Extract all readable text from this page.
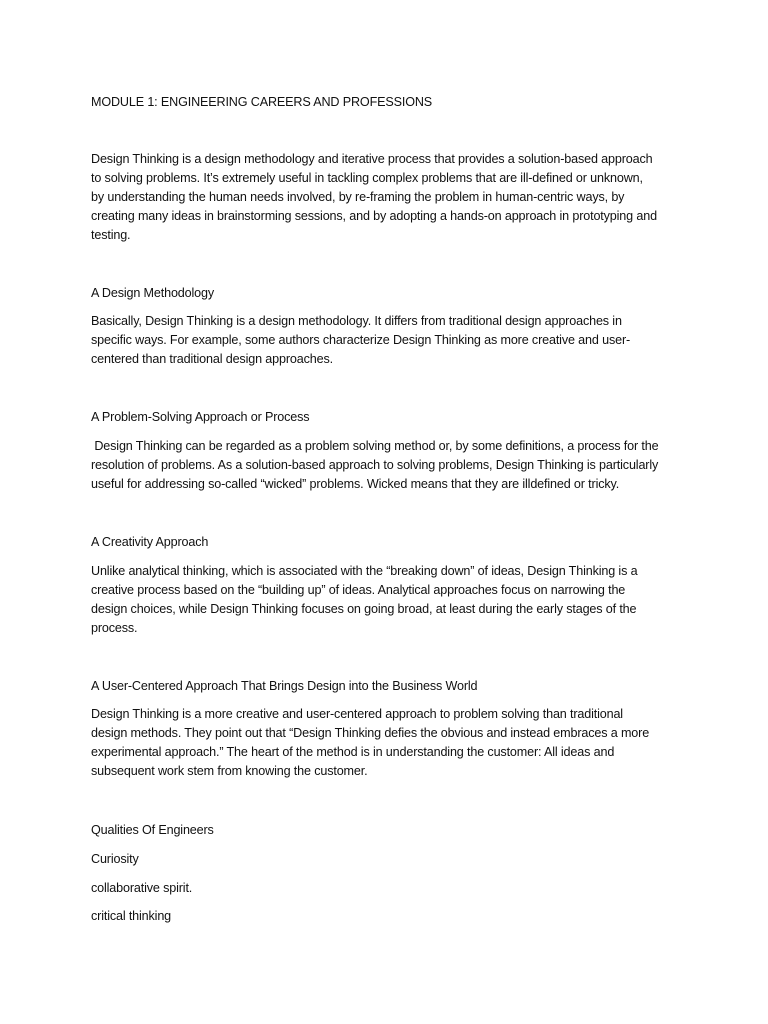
MODULE 1: ENGINEERING CAREERS AND PROFESSIONS
Design Thinking is a design methodology and iterative process that provides a solution-based approach
to solving problems. It’s extremely useful in tackling complex problems that are ill-defined or unknown,
by understanding the human needs involved, by re-framing the problem in human-centric ways, by
creating many ideas in brainstorming sessions, and by adopting a hands-on approach in prototyping and
testing.
A Design Methodology
Basically, Design Thinking is a design methodology. It differs from traditional design approaches in
specific ways. For example, some authors characterize Design Thinking as more creative and user-
centered than traditional design approaches.
A Problem-Solving Approach or Process
Design Thinking can be regarded as a problem solving method or, by some definitions, a process for the
resolution of problems. As a solution-based approach to solving problems, Design Thinking is particularly
useful for addressing so-called “wicked” problems. Wicked means that they are illdefined or tricky.
A Creativity Approach
Unlike analytical thinking, which is associated with the “breaking down” of ideas, Design Thinking is a
creative process based on the “building up” of ideas. Analytical approaches focus on narrowing the
design choices, while Design Thinking focuses on going broad, at least during the early stages of the
process.
A User-Centered Approach That Brings Design into the Business World
Design Thinking is a more creative and user-centered approach to problem solving than traditional
design methods. They point out that “Design Thinking defies the obvious and instead embraces a more
experimental approach.” The heart of the method is in understanding the customer: All ideas and
subsequent work stem from knowing the customer.
Qualities Of Engineers
Curiosity
collaborative spirit.
critical thinking
